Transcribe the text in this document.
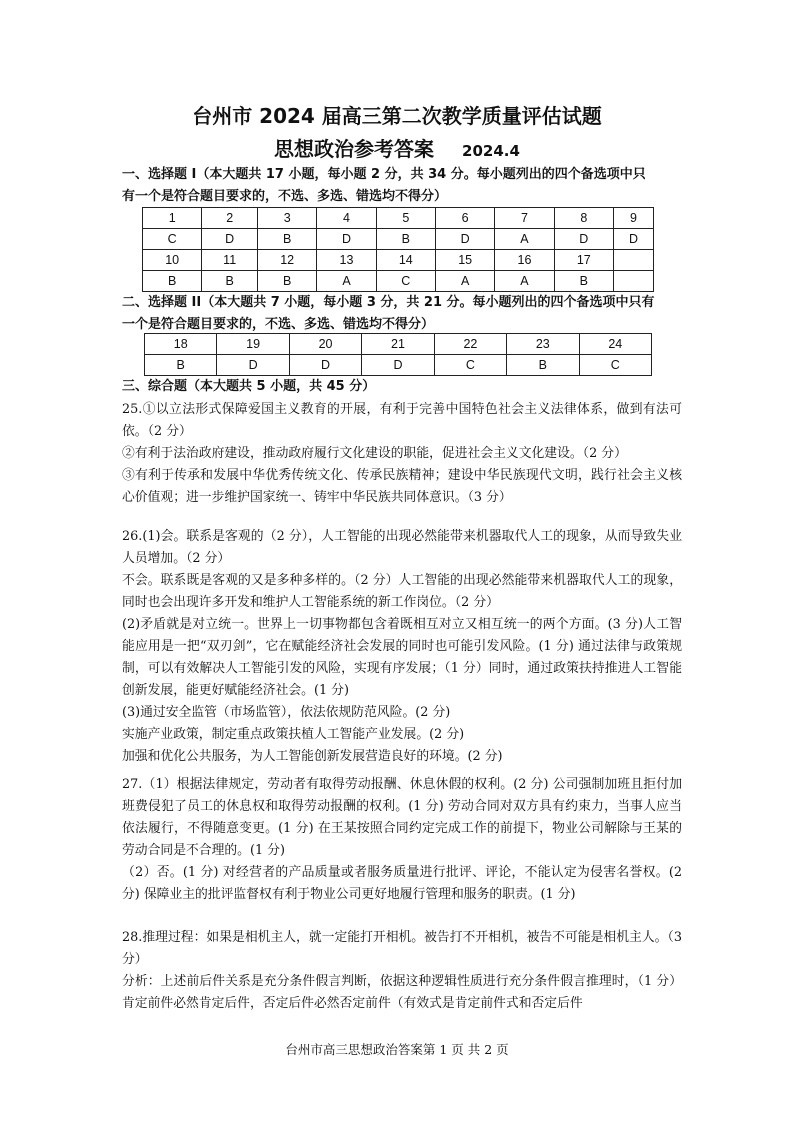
台州市 2024 届高三第二次教学质量评估试题
思想政治参考答案 2024.4
一、选择题 I（本大题共 17 小题，每小题 2 分，共 34 分。每小题列出的四个备选项中只
有一个是符合题目要求的，不选、多选、错选均不得分）
1	2	3	4	5	6	7	8	9
C	D	B	D	B	D	A	D	D
10	11	12	13	14	15	16	17	
B	B	B	A	C	A	A	B	
二、选择题 II（本大题共 7 小题，每小题 3 分，共 21 分。每小题列出的四个备选项中只有
一个是符合题目要求的，不选、多选、错选均不得分）
18	19	20	21	22	23	24
B	D	D	D	C	B	C
三、综合题（本大题共 5 小题，共 45 分）

25.①以立法形式保障爱国主义教育的开展，有利于完善中国特色社会主义法律体系，做到有法可依。（2 分）

②有利于法治政府建设，推动政府履行文化建设的职能，促进社会主义文化建设。（2 分）

③有利于传承和发展中华优秀传统文化、传承民族精神；建设中华民族现代文明，践行社会主义核心价值观；进一步维护国家统一、铸牢中华民族共同体意识。（3 分）

26.(1)会。联系是客观的（2 分），人工智能的出现必然能带来机器取代人工的现象，从而导致失业人员增加。（2 分）

不会。联系既是客观的又是多种多样的。（2 分）人工智能的出现必然能带来机器取代人工的现象，同时也会出现许多开发和维护人工智能系统的新工作岗位。（2 分）

(2)矛盾就是对立统一。世界上一切事物都包含着既相互对立又相互统一的两个方面。(3 分)人工智能应用是一把“双刃剑”，它在赋能经济社会发展的同时也可能引发风险。(1 分) 通过法律与政策规制，可以有效解决人工智能引发的风险，实现有序发展；（1 分）同时，通过政策扶持推进人工智能创新发展，能更好赋能经济社会。(1 分)

(3)通过安全监管（市场监管），依法依规防范风险。(2 分)

实施产业政策，制定重点政策扶植人工智能产业发展。(2 分)

加强和优化公共服务，为人工智能创新发展营造良好的环境。(2 分)

27.（1）根据法律规定，劳动者有取得劳动报酬、休息休假的权利。(2 分) 公司强制加班且拒付加班费侵犯了员工的休息权和取得劳动报酬的权利。(1 分) 劳动合同对双方具有约束力，当事人应当依法履行，不得随意变更。(1 分) 在王某按照合同约定完成工作的前提下，物业公司解除与王某的劳动合同是不合理的。(1 分)

（2）否。(1 分) 对经营者的产品质量或者服务质量进行批评、评论，不能认定为侵害名誉权。(2 分) 保障业主的批评监督权有利于物业公司更好地履行管理和服务的职责。(1 分)

28.推理过程：如果是相机主人，就一定能打开相机。被告打不开相机，被告不可能是相机主人。（3 分）

分析：上述前后件关系是充分条件假言判断，依据这种逻辑性质进行充分条件假言推理时，（1 分）肯定前件必然肯定后件，否定后件必然否定前件（有效式是肯定前件式和否定后件

台州市高三思想政治答案第 1 页 共 2 页
